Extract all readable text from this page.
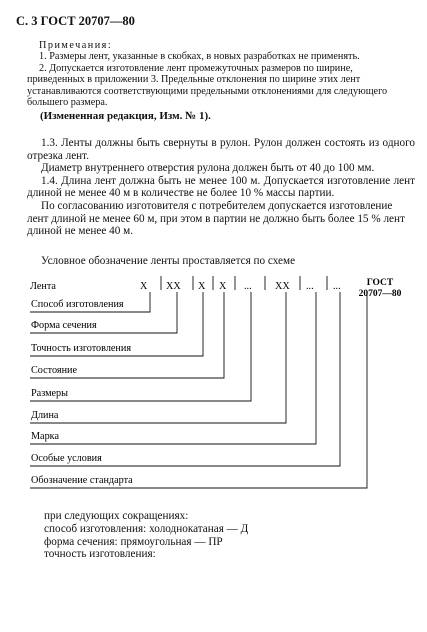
С. 3 ГОСТ 20707—80

Примечания:

1. Размеры лент, указанные в скобках, в новых разработках не применять.

2. Допускается изготовление лент промежуточных размеров по ширине, приведенных в приложении 3. Предельные отклонения по ширине этих лент устанавливаются соответствующими предельными отклонениями для следующего большего размера.

(Измененная редакция, Изм. № 1).

1.3. Ленты должны быть свернуты в рулон. Рулон должен состоять из одного отрезка лент.

Диаметр внутреннего отверстия рулона должен быть от 40 до 100 мм.

1.4. Длина лент должна быть не менее 100 м. Допускается изготовление лент длиной не менее 40 м в количестве не более 10 % массы партии.

По согласованию изготовителя с потребителем допускается изготовление лент длиной не менее 60 м, при этом в партии не должно быть более 15 % лент длиной не менее 40 м.

Условное обозначение ленты проставляется по схеме
Лента	X XX X X ... XX ... ...	ГОСТ
20707—80
Способ изготовления
Форма сечения
Точность изготовления
Состояние
Размеры
Длина
Марка
Особые условия
Обозначение стандарта

при следующих сокращениях:

способ изготовления: холоднокатаная — Д

форма сечения: прямоугольная — ПР

точность изготовления:
